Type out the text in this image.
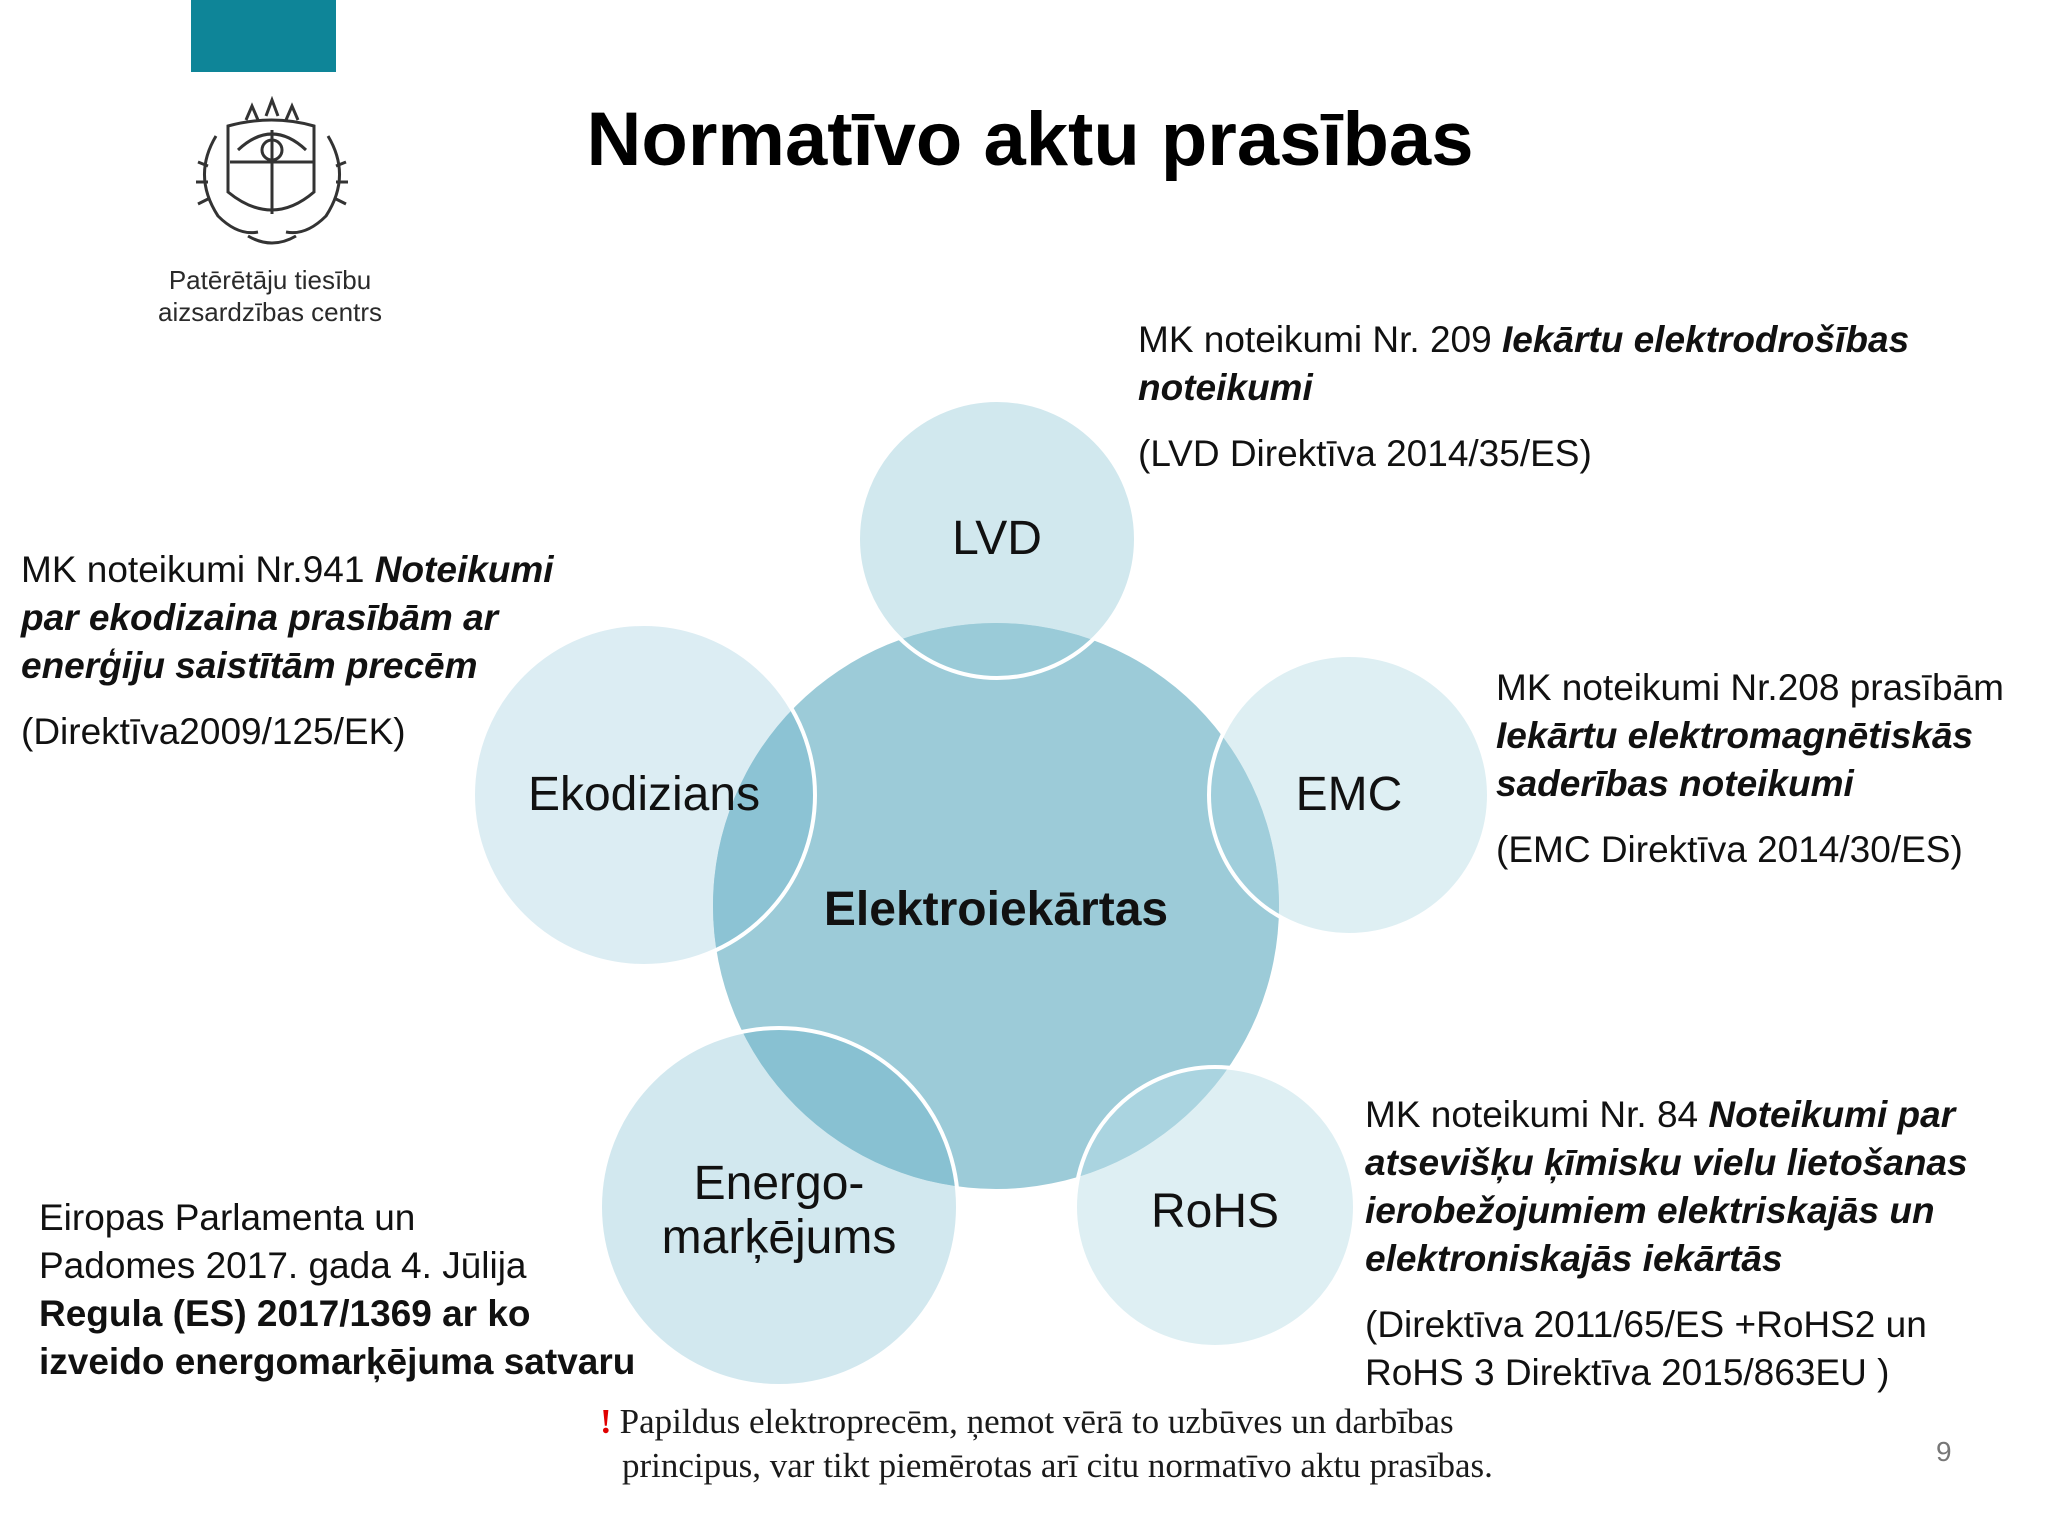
Patērētāju tiesību
aizsardzības centrs
Normatīvo aktu prasības
LVD
EMC
RoHS
Ekodizians
Energo-
marķējums
Elektroiekārtas

MK noteikumi Nr. 209 Iekārtu elektrodrošības

noteikumi

(LVD Direktīva 2014/35/ES)

MK noteikumi Nr.941 Noteikumi

par ekodizaina prasībām ar

enerģiju saistītām precēm

(Direktīva2009/125/EK)

MK noteikumi Nr.208 prasībām

Iekārtu elektromagnētiskās

saderības noteikumi

(EMC Direktīva 2014/30/ES)

MK noteikumi Nr. 84 Noteikumi par

atsevišķu ķīmisku vielu lietošanas

ierobežojumiem elektriskajās un

elektroniskajās iekārtās

(Direktīva 2011/65/ES +RoHS2 un

RoHS 3 Direktīva 2015/863EU )

Eiropas Parlamenta un

Padomes 2017. gada 4. Jūlija

Regula (ES) 2017/1369 ar ko

izveido energomarķējuma satvaru

! Papildus elektroprecēm, ņemot vērā to uzbūves un darbības
principus, var tikt piemērotas arī citu normatīvo aktu prasības.	9
